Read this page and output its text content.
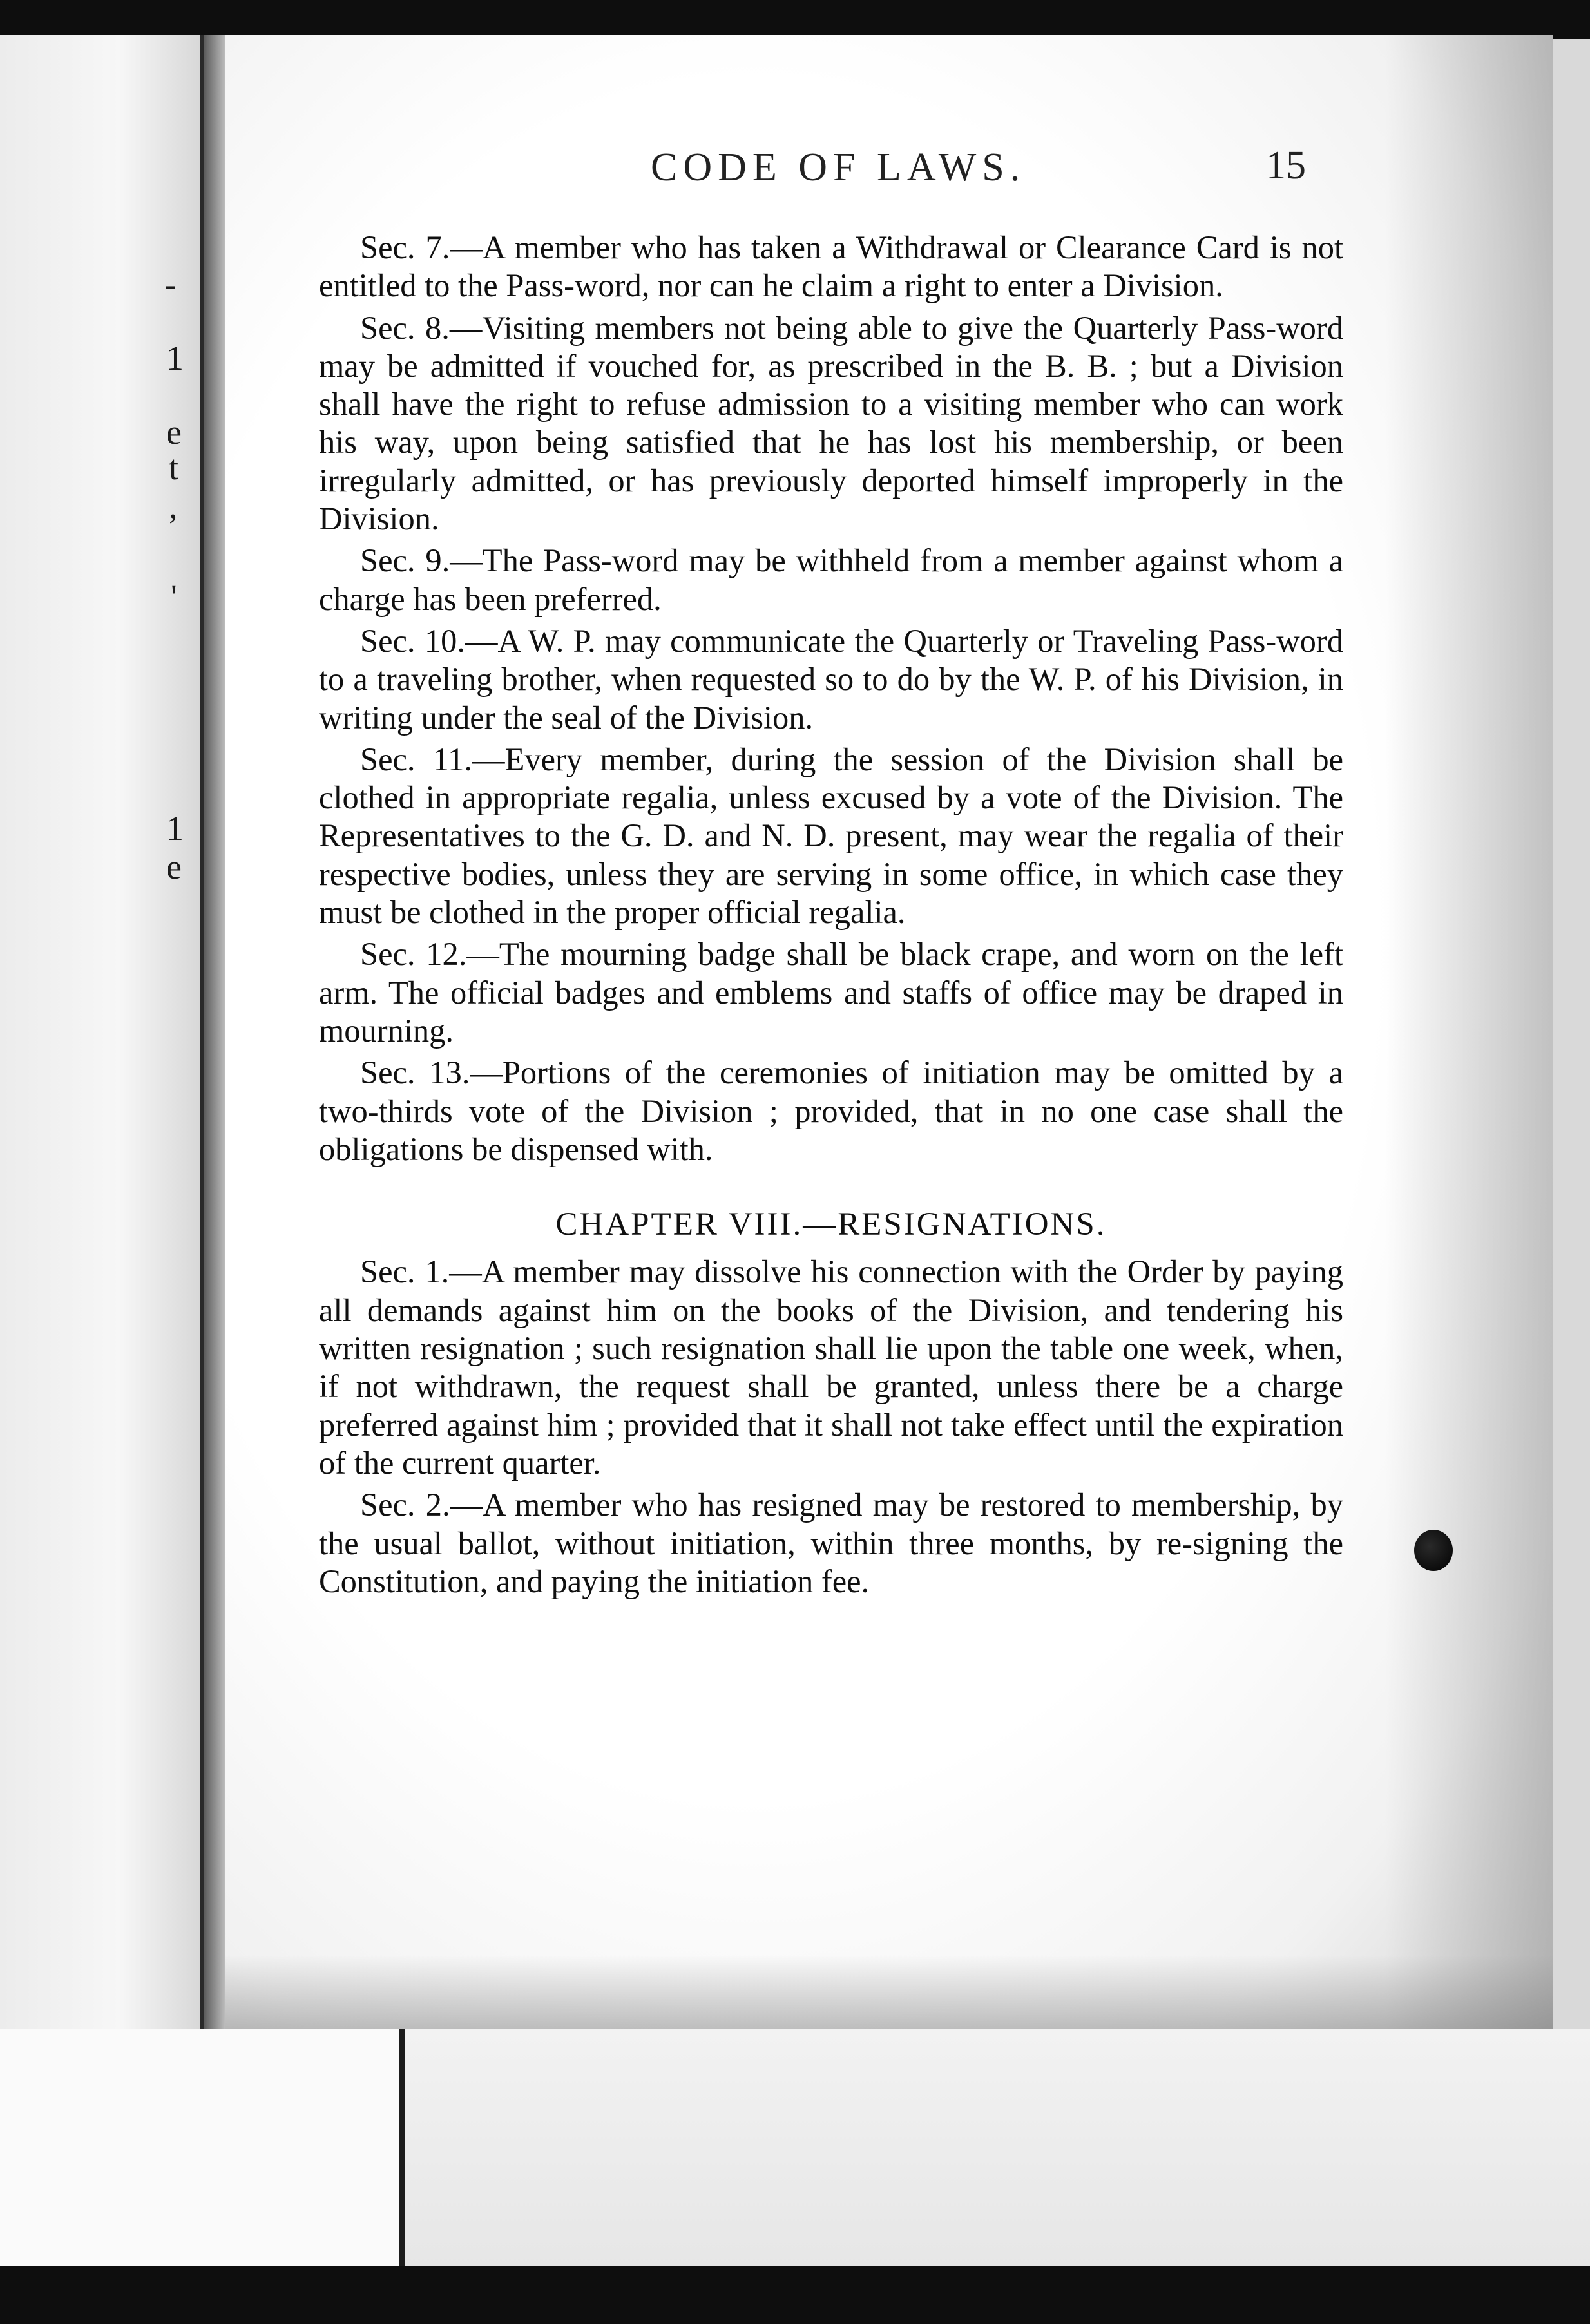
-
1
e
t
,
'
1
e
CODE OF LAWS.	15

Sec. 7.—A member who has taken a Withdrawal or Clearance Card is not entitled to the Pass-word, nor can he claim a right to enter a Division.

Sec. 8.—Visiting members not being able to give the Quarterly Pass-word may be admitted if vouched for, as prescribed in the B. B. ; but a Division shall have the right to refuse admission to a visiting member who can work his way, upon being satisfied that he has lost his membership, or been irregularly admitted, or has previously deported himself improperly in the Division.

Sec. 9.—The Pass-word may be withheld from a member against whom a charge has been preferred.

Sec. 10.—A W. P. may communicate the Quarterly or Traveling Pass-word to a traveling brother, when requested so to do by the W. P. of his Division, in writing under the seal of the Division.

Sec. 11.—Every member, during the session of the Division shall be clothed in appropriate regalia, unless excused by a vote of the Division. The Representatives to the G. D. and N. D. present, may wear the regalia of their respective bodies, unless they are serving in some office, in which case they must be clothed in the proper official regalia.

Sec. 12.—The mourning badge shall be black crape, and worn on the left arm. The official badges and emblems and staffs of office may be draped in mourning.

Sec. 13.—Portions of the ceremonies of initiation may be omitted by a two-thirds vote of the Division ; provided, that in no one case shall the obligations be dispensed with.

CHAPTER VIII.—RESIGNATIONS.

Sec. 1.—A member may dissolve his connection with the Order by paying all demands against him on the books of the Division, and tendering his written resignation ; such resignation shall lie upon the table one week, when, if not withdrawn, the request shall be granted, unless there be a charge preferred against him ; provided that it shall not take effect until the expiration of the current quarter.

Sec. 2.—A member who has resigned may be restored to membership, by the usual ballot, without initiation, within three months, by re-signing the Constitution, and paying the initiation fee.
